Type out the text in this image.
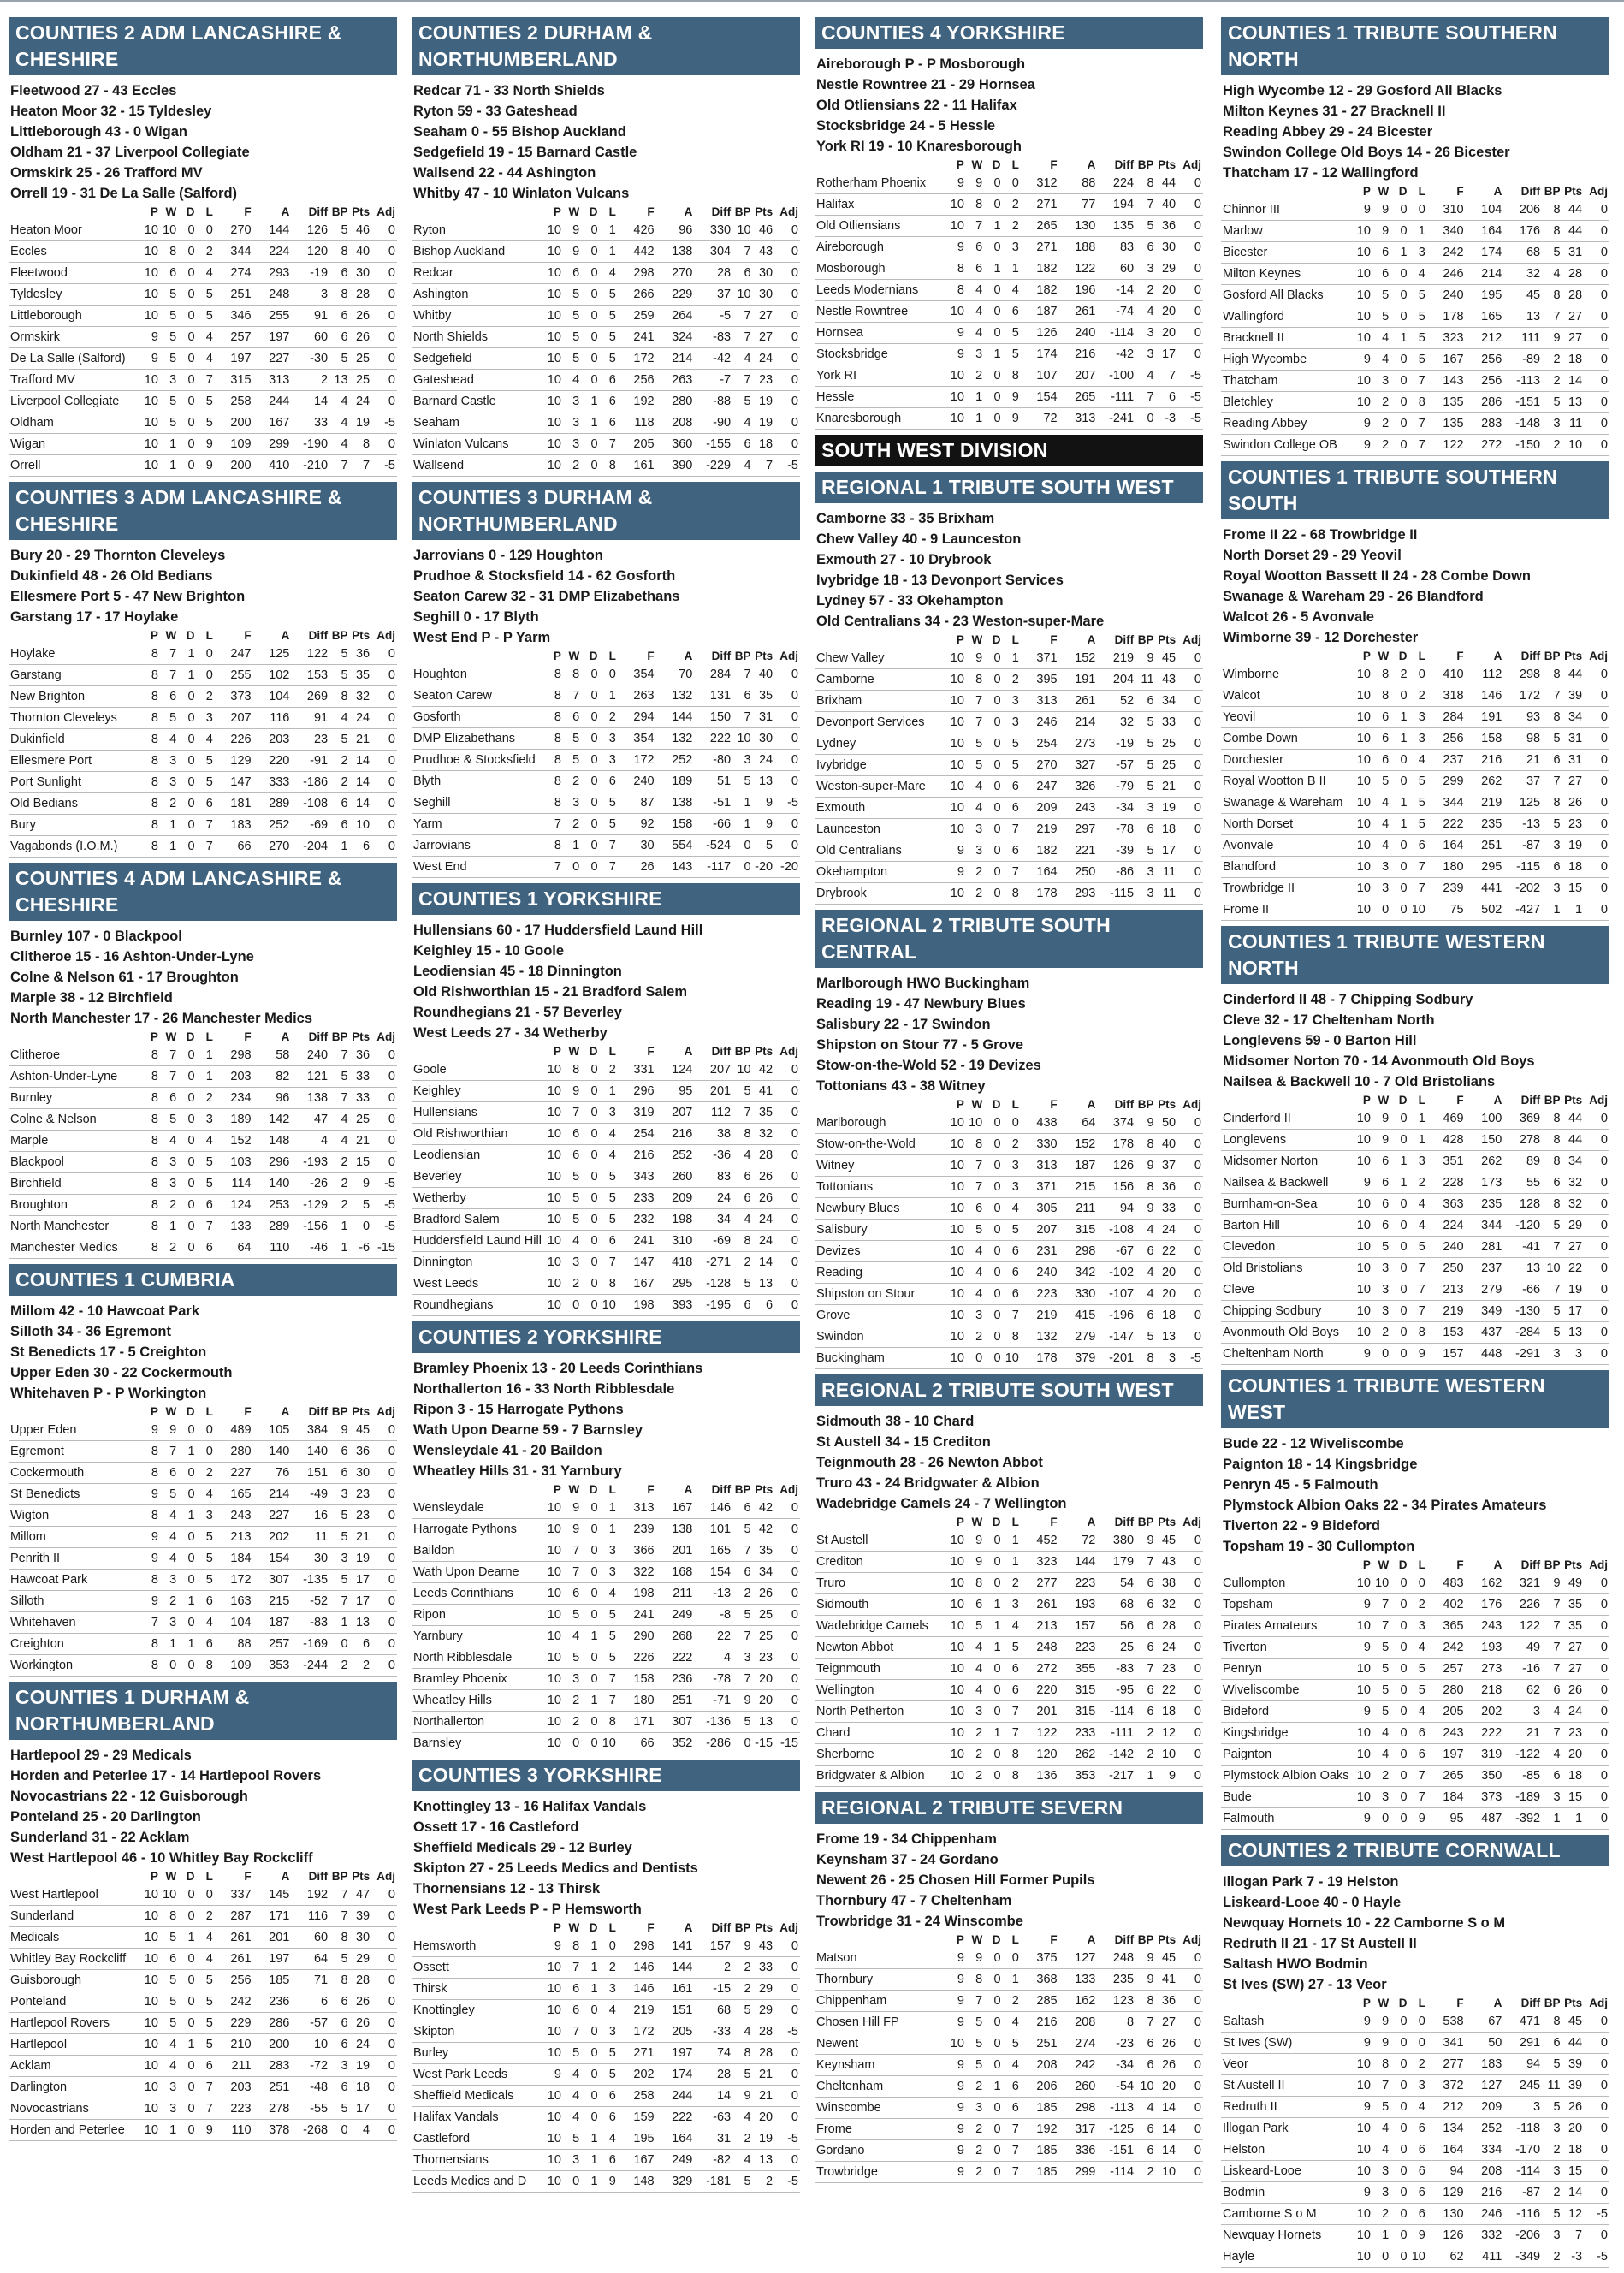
COUNTIES 2 ADM LANCASHIRE & CHESHIRE
Fleetwood 27 - 43 Eccles
Heaton Moor 32 - 15 Tyldesley
Littleborough 43 - 0 Wigan
Oldham 21 - 37 Liverpool Collegiate
Ormskirk 25 - 26 Trafford MV
Orrell 19 - 31 De La Salle (Salford)
	P	W	D	L	F	A	Diff	BP	Pts	Adj
Heaton Moor	10	10	0	0	270	144	126	5	46	0
Eccles	10	8	0	2	344	224	120	8	40	0
Fleetwood	10	6	0	4	274	293	-19	6	30	0
Tyldesley	10	5	0	5	251	248	3	8	28	0
Littleborough	10	5	0	5	346	255	91	6	26	0
Ormskirk	9	5	0	4	257	197	60	6	26	0
De La Salle (Salford)	9	5	0	4	197	227	-30	5	25	0
Trafford MV	10	3	0	7	315	313	2	13	25	0
Liverpool Collegiate	10	5	0	5	258	244	14	4	24	0
Oldham	10	5	0	5	200	167	33	4	19	-5
Wigan	10	1	0	9	109	299	-190	4	8	0
Orrell	10	1	0	9	200	410	-210	7	7	-5
COUNTIES 3 ADM LANCASHIRE & CHESHIRE
Bury 20 - 29 Thornton Cleveleys
Dukinfield 48 - 26 Old Bedians
Ellesmere Port 5 - 47 New Brighton
Garstang 17 - 17 Hoylake
	P	W	D	L	F	A	Diff	BP	Pts	Adj
Hoylake	8	7	1	0	247	125	122	5	36	0
Garstang	8	7	1	0	255	102	153	5	35	0
New Brighton	8	6	0	2	373	104	269	8	32	0
Thornton Cleveleys	8	5	0	3	207	116	91	4	24	0
Dukinfield	8	4	0	4	226	203	23	5	21	0
Ellesmere Port	8	3	0	5	129	220	-91	2	14	0
Port Sunlight	8	3	0	5	147	333	-186	2	14	0
Old Bedians	8	2	0	6	181	289	-108	6	14	0
Bury	8	1	0	7	183	252	-69	6	10	0
Vagabonds (I.O.M.)	8	1	0	7	66	270	-204	1	6	0
COUNTIES 4 ADM LANCASHIRE & CHESHIRE
Burnley 107 - 0 Blackpool
Clitheroe 15 - 16 Ashton-Under-Lyne
Colne & Nelson 61 - 17 Broughton
Marple 38 - 12 Birchfield
North Manchester 17 - 26 Manchester Medics
	P	W	D	L	F	A	Diff	BP	Pts	Adj
Clitheroe	8	7	0	1	298	58	240	7	36	0
Ashton-Under-Lyne	8	7	0	1	203	82	121	5	33	0
Burnley	8	6	0	2	234	96	138	7	33	0
Colne & Nelson	8	5	0	3	189	142	47	4	25	0
Marple	8	4	0	4	152	148	4	4	21	0
Blackpool	8	3	0	5	103	296	-193	2	15	0
Birchfield	8	3	0	5	114	140	-26	2	9	-5
Broughton	8	2	0	6	124	253	-129	2	5	-5
North Manchester	8	1	0	7	133	289	-156	1	0	-5
Manchester Medics	8	2	0	6	64	110	-46	1	-6	-15
COUNTIES 1 CUMBRIA
Millom 42 - 10 Hawcoat Park
Silloth 34 - 36 Egremont
St Benedicts 17 - 5 Creighton
Upper Eden 30 - 22 Cockermouth
Whitehaven P - P Workington
	P	W	D	L	F	A	Diff	BP	Pts	Adj
Upper Eden	9	9	0	0	489	105	384	9	45	0
Egremont	8	7	1	0	280	140	140	6	36	0
Cockermouth	8	6	0	2	227	76	151	6	30	0
St Benedicts	9	5	0	4	165	214	-49	3	23	0
Wigton	8	4	1	3	243	227	16	5	23	0
Millom	9	4	0	5	213	202	11	5	21	0
Penrith II	9	4	0	5	184	154	30	3	19	0
Hawcoat Park	8	3	0	5	172	307	-135	5	17	0
Silloth	9	2	1	6	163	215	-52	7	17	0
Whitehaven	7	3	0	4	104	187	-83	1	13	0
Creighton	8	1	1	6	88	257	-169	0	6	0
Workington	8	0	0	8	109	353	-244	2	2	0
COUNTIES 1 DURHAM & NORTHUMBERLAND
Hartlepool 29 - 29 Medicals
Horden and Peterlee 17 - 14 Hartlepool Rovers
Novocastrians 22 - 12 Guisborough
Ponteland 25 - 20 Darlington
Sunderland 31 - 22 Acklam
West Hartlepool 46 - 10 Whitley Bay Rockcliff
	P	W	D	L	F	A	Diff	BP	Pts	Adj
West Hartlepool	10	10	0	0	337	145	192	7	47	0
Sunderland	10	8	0	2	287	171	116	7	39	0
Medicals	10	5	1	4	261	201	60	8	30	0
Whitley Bay Rockcliff	10	6	0	4	261	197	64	5	29	0
Guisborough	10	5	0	5	256	185	71	8	28	0
Ponteland	10	5	0	5	242	236	6	6	26	0
Hartlepool Rovers	10	5	0	5	229	286	-57	6	26	0
Hartlepool	10	4	1	5	210	200	10	6	24	0
Acklam	10	4	0	6	211	283	-72	3	19	0
Darlington	10	3	0	7	203	251	-48	6	18	0
Novocastrians	10	3	0	7	223	278	-55	5	17	0
Horden and Peterlee	10	1	0	9	110	378	-268	0	4	0
COUNTIES 2 DURHAM & NORTHUMBERLAND
Redcar 71 - 33 North Shields
Ryton 59 - 33 Gateshead
Seaham 0 - 55 Bishop Auckland
Sedgefield 19 - 15 Barnard Castle
Wallsend 22 - 44 Ashington
Whitby 47 - 10 Winlaton Vulcans
	P	W	D	L	F	A	Diff	BP	Pts	Adj
Ryton	10	9	0	1	426	96	330	10	46	0
Bishop Auckland	10	9	0	1	442	138	304	7	43	0
Redcar	10	6	0	4	298	270	28	6	30	0
Ashington	10	5	0	5	266	229	37	10	30	0
Whitby	10	5	0	5	259	264	-5	7	27	0
North Shields	10	5	0	5	241	324	-83	7	27	0
Sedgefield	10	5	0	5	172	214	-42	4	24	0
Gateshead	10	4	0	6	256	263	-7	7	23	0
Barnard Castle	10	3	1	6	192	280	-88	5	19	0
Seaham	10	3	1	6	118	208	-90	4	19	0
Winlaton Vulcans	10	3	0	7	205	360	-155	6	18	0
Wallsend	10	2	0	8	161	390	-229	4	7	-5
COUNTIES 3 DURHAM & NORTHUMBERLAND
Jarrovians 0 - 129 Houghton
Prudhoe & Stocksfield 14 - 62 Gosforth
Seaton Carew 32 - 31 DMP Elizabethans
Seghill 0 - 17 Blyth
West End P - P Yarm
	P	W	D	L	F	A	Diff	BP	Pts	Adj
Houghton	8	8	0	0	354	70	284	7	40	0
Seaton Carew	8	7	0	1	263	132	131	6	35	0
Gosforth	8	6	0	2	294	144	150	7	31	0
DMP Elizabethans	8	5	0	3	354	132	222	10	30	0
Prudhoe & Stocksfield	8	5	0	3	172	252	-80	3	24	0
Blyth	8	2	0	6	240	189	51	5	13	0
Seghill	8	3	0	5	87	138	-51	1	9	-5
Yarm	7	2	0	5	92	158	-66	1	9	0
Jarrovians	8	1	0	7	30	554	-524	0	5	0
West End	7	0	0	7	26	143	-117	0	-20	-20
COUNTIES 1 YORKSHIRE
Hullensians 60 - 17 Huddersfield Laund Hill
Keighley 15 - 10 Goole
Leodiensian 45 - 18 Dinnington
Old Rishworthian 15 - 21 Bradford Salem
Roundhegians 21 - 57 Beverley
West Leeds 27 - 34 Wetherby
	P	W	D	L	F	A	Diff	BP	Pts	Adj
Goole	10	8	0	2	331	124	207	10	42	0
Keighley	10	9	0	1	296	95	201	5	41	0
Hullensians	10	7	0	3	319	207	112	7	35	0
Old Rishworthian	10	6	0	4	254	216	38	8	32	0
Leodiensian	10	6	0	4	216	252	-36	4	28	0
Beverley	10	5	0	5	343	260	83	6	26	0
Wetherby	10	5	0	5	233	209	24	6	26	0
Bradford Salem	10	5	0	5	232	198	34	4	24	0
Huddersfield Laund Hill	10	4	0	6	241	310	-69	8	24	0
Dinnington	10	3	0	7	147	418	-271	2	14	0
West Leeds	10	2	0	8	167	295	-128	5	13	0
Roundhegians	10	0	0	10	198	393	-195	6	6	0
COUNTIES 2 YORKSHIRE
Bramley Phoenix 13 - 20 Leeds Corinthians
Northallerton 16 - 33 North Ribblesdale
Ripon 3 - 15 Harrogate Pythons
Wath Upon Dearne 59 - 7 Barnsley
Wensleydale 41 - 20 Baildon
Wheatley Hills 31 - 31 Yarnbury
	P	W	D	L	F	A	Diff	BP	Pts	Adj
Wensleydale	10	9	0	1	313	167	146	6	42	0
Harrogate Pythons	10	9	0	1	239	138	101	5	42	0
Baildon	10	7	0	3	366	201	165	7	35	0
Wath Upon Dearne	10	7	0	3	322	168	154	6	34	0
Leeds Corinthians	10	6	0	4	198	211	-13	2	26	0
Ripon	10	5	0	5	241	249	-8	5	25	0
Yarnbury	10	4	1	5	290	268	22	7	25	0
North Ribblesdale	10	5	0	5	226	222	4	3	23	0
Bramley Phoenix	10	3	0	7	158	236	-78	7	20	0
Wheatley Hills	10	2	1	7	180	251	-71	9	20	0
Northallerton	10	2	0	8	171	307	-136	5	13	0
Barnsley	10	0	0	10	66	352	-286	0	-15	-15
COUNTIES 3 YORKSHIRE
Knottingley 13 - 16 Halifax Vandals
Ossett 17 - 16 Castleford
Sheffield Medicals 29 - 12 Burley
Skipton 27 - 25 Leeds Medics and Dentists
Thornensians 12 - 13 Thirsk
West Park Leeds P - P Hemsworth
	P	W	D	L	F	A	Diff	BP	Pts	Adj
Hemsworth	9	8	1	0	298	141	157	9	43	0
Ossett	10	7	1	2	146	144	2	2	33	0
Thirsk	10	6	1	3	146	161	-15	2	29	0
Knottingley	10	6	0	4	219	151	68	5	29	0
Skipton	10	7	0	3	172	205	-33	4	28	-5
Burley	10	5	0	5	271	197	74	8	28	0
West Park Leeds	9	4	0	5	202	174	28	5	21	0
Sheffield Medicals	10	4	0	6	258	244	14	9	21	0
Halifax Vandals	10	4	0	6	159	222	-63	4	20	0
Castleford	10	5	1	4	195	164	31	2	19	-5
Thornensians	10	3	1	6	167	249	-82	4	13	0
Leeds Medics and D	10	0	1	9	148	329	-181	5	2	-5
COUNTIES 4 YORKSHIRE
Aireborough P - P Mosborough
Nestle Rowntree 21 - 29 Hornsea
Old Otliensians 22 - 11 Halifax
Stocksbridge 24 - 5 Hessle
York RI 19 - 10 Knaresborough
	P	W	D	L	F	A	Diff	BP	Pts	Adj
Rotherham Phoenix	9	9	0	0	312	88	224	8	44	0
Halifax	10	8	0	2	271	77	194	7	40	0
Old Otliensians	10	7	1	2	265	130	135	5	36	0
Aireborough	9	6	0	3	271	188	83	6	30	0
Mosborough	8	6	1	1	182	122	60	3	29	0
Leeds Modernians	8	4	0	4	182	196	-14	2	20	0
Nestle Rowntree	10	4	0	6	187	261	-74	4	20	0
Hornsea	9	4	0	5	126	240	-114	3	20	0
Stocksbridge	9	3	1	5	174	216	-42	3	17	0
York RI	10	2	0	8	107	207	-100	4	7	-5
Hessle	10	1	0	9	154	265	-111	7	6	-5
Knaresborough	10	1	0	9	72	313	-241	0	-3	-5
SOUTH WEST DIVISION
REGIONAL 1 TRIBUTE SOUTH WEST
Camborne 33 - 35 Brixham
Chew Valley 40 - 9 Launceston
Exmouth 27 - 10 Drybrook
Ivybridge 18 - 13 Devonport Services
Lydney 57 - 33 Okehampton
Old Centralians 34 - 23 Weston-super-Mare
	P	W	D	L	F	A	Diff	BP	Pts	Adj
Chew Valley	10	9	0	1	371	152	219	9	45	0
Camborne	10	8	0	2	395	191	204	11	43	0
Brixham	10	7	0	3	313	261	52	6	34	0
Devonport Services	10	7	0	3	246	214	32	5	33	0
Lydney	10	5	0	5	254	273	-19	5	25	0
Ivybridge	10	5	0	5	270	327	-57	5	25	0
Weston-super-Mare	10	4	0	6	247	326	-79	5	21	0
Exmouth	10	4	0	6	209	243	-34	3	19	0
Launceston	10	3	0	7	219	297	-78	6	18	0
Old Centralians	9	3	0	6	182	221	-39	5	17	0
Okehampton	9	2	0	7	164	250	-86	3	11	0
Drybrook	10	2	0	8	178	293	-115	3	11	0
REGIONAL 2 TRIBUTE SOUTH CENTRAL
Marlborough HWO Buckingham
Reading 19 - 47 Newbury Blues
Salisbury 22 - 17 Swindon
Shipston on Stour 77 - 5 Grove
Stow-on-the-Wold 52 - 19 Devizes
Tottonians 43 - 38 Witney
	P	W	D	L	F	A	Diff	BP	Pts	Adj
Marlborough	10	10	0	0	438	64	374	9	50	0
Stow-on-the-Wold	10	8	0	2	330	152	178	8	40	0
Witney	10	7	0	3	313	187	126	9	37	0
Tottonians	10	7	0	3	371	215	156	8	36	0
Newbury Blues	10	6	0	4	305	211	94	9	33	0
Salisbury	10	5	0	5	207	315	-108	4	24	0
Devizes	10	4	0	6	231	298	-67	6	22	0
Reading	10	4	0	6	240	342	-102	4	20	0
Shipston on Stour	10	4	0	6	223	330	-107	4	20	0
Grove	10	3	0	7	219	415	-196	6	18	0
Swindon	10	2	0	8	132	279	-147	5	13	0
Buckingham	10	0	0	10	178	379	-201	8	3	-5
REGIONAL 2 TRIBUTE SOUTH WEST
Sidmouth 38 - 10 Chard
St Austell 34 - 15 Crediton
Teignmouth 28 - 26 Newton Abbot
Truro 43 - 24 Bridgwater & Albion
Wadebridge Camels 24 - 7 Wellington
	P	W	D	L	F	A	Diff	BP	Pts	Adj
St Austell	10	9	0	1	452	72	380	9	45	0
Crediton	10	9	0	1	323	144	179	7	43	0
Truro	10	8	0	2	277	223	54	6	38	0
Sidmouth	10	6	1	3	261	193	68	6	32	0
Wadebridge Camels	10	5	1	4	213	157	56	6	28	0
Newton Abbot	10	4	1	5	248	223	25	6	24	0
Teignmouth	10	4	0	6	272	355	-83	7	23	0
Wellington	10	4	0	6	220	315	-95	6	22	0
North Petherton	10	3	0	7	201	315	-114	6	18	0
Chard	10	2	1	7	122	233	-111	2	12	0
Sherborne	10	2	0	8	120	262	-142	2	10	0
Bridgwater & Albion	10	2	0	8	136	353	-217	1	9	0
REGIONAL 2 TRIBUTE SEVERN
Frome 19 - 34 Chippenham
Keynsham 37 - 24 Gordano
Newent 26 - 25 Chosen Hill Former Pupils
Thornbury 47 - 7 Cheltenham
Trowbridge 31 - 24 Winscombe
	P	W	D	L	F	A	Diff	BP	Pts	Adj
Matson	9	9	0	0	375	127	248	9	45	0
Thornbury	9	8	0	1	368	133	235	9	41	0
Chippenham	9	7	0	2	285	162	123	8	36	0
Chosen Hill FP	9	5	0	4	216	208	8	7	27	0
Newent	10	5	0	5	251	274	-23	6	26	0
Keynsham	9	5	0	4	208	242	-34	6	26	0
Cheltenham	9	2	1	6	206	260	-54	10	20	0
Winscombe	9	3	0	6	185	298	-113	4	14	0
Frome	9	2	0	7	192	317	-125	6	14	0
Gordano	9	2	0	7	185	336	-151	6	14	0
Trowbridge	9	2	0	7	185	299	-114	2	10	0
COUNTIES 1 TRIBUTE SOUTHERN NORTH
High Wycombe 12 - 29 Gosford All Blacks
Milton Keynes 31 - 27 Bracknell II
Reading Abbey 29 - 24 Bicester
Swindon College Old Boys 14 - 26 Bicester
Thatcham 17 - 12 Wallingford
	P	W	D	L	F	A	Diff	BP	Pts	Adj
Chinnor III	9	9	0	0	310	104	206	8	44	0
Marlow	10	9	0	1	340	164	176	8	44	0
Bicester	10	6	1	3	242	174	68	5	31	0
Milton Keynes	10	6	0	4	246	214	32	4	28	0
Gosford All Blacks	10	5	0	5	240	195	45	8	28	0
Wallingford	10	5	0	5	178	165	13	7	27	0
Bracknell II	10	4	1	5	323	212	111	9	27	0
High Wycombe	9	4	0	5	167	256	-89	2	18	0
Thatcham	10	3	0	7	143	256	-113	2	14	0
Bletchley	10	2	0	8	135	286	-151	5	13	0
Reading Abbey	9	2	0	7	135	283	-148	3	11	0
Swindon College OB	9	2	0	7	122	272	-150	2	10	0
COUNTIES 1 TRIBUTE SOUTHERN SOUTH
Frome II 22 - 68 Trowbridge II
North Dorset 29 - 29 Yeovil
Royal Wootton Bassett II 24 - 28 Combe Down
Swanage & Wareham 29 - 26 Blandford
Walcot 26 - 5 Avonvale
Wimborne 39 - 12 Dorchester
	P	W	D	L	F	A	Diff	BP	Pts	Adj
Wimborne	10	8	2	0	410	112	298	8	44	0
Walcot	10	8	0	2	318	146	172	7	39	0
Yeovil	10	6	1	3	284	191	93	8	34	0
Combe Down	10	6	1	3	256	158	98	5	31	0
Dorchester	10	6	0	4	237	216	21	6	31	0
Royal Wootton B II	10	5	0	5	299	262	37	7	27	0
Swanage & Wareham	10	4	1	5	344	219	125	8	26	0
North Dorset	10	4	1	5	222	235	-13	5	23	0
Avonvale	10	4	0	6	164	251	-87	3	19	0
Blandford	10	3	0	7	180	295	-115	6	18	0
Trowbridge II	10	3	0	7	239	441	-202	3	15	0
Frome II	10	0	0	10	75	502	-427	1	1	0
COUNTIES 1 TRIBUTE WESTERN NORTH
Cinderford II 48 - 7 Chipping Sodbury
Cleve 32 - 17 Cheltenham North
Longlevens 59 - 0 Barton Hill
Midsomer Norton 70 - 14 Avonmouth Old Boys
Nailsea & Backwell 10 - 7 Old Bristolians
	P	W	D	L	F	A	Diff	BP	Pts	Adj
Cinderford II	10	9	0	1	469	100	369	8	44	0
Longlevens	10	9	0	1	428	150	278	8	44	0
Midsomer Norton	10	6	1	3	351	262	89	8	34	0
Nailsea & Backwell	9	6	1	2	228	173	55	6	32	0
Burnham-on-Sea	10	6	0	4	363	235	128	8	32	0
Barton Hill	10	6	0	4	224	344	-120	5	29	0
Clevedon	10	5	0	5	240	281	-41	7	27	0
Old Bristolians	10	3	0	7	250	237	13	10	22	0
Cleve	10	3	0	7	213	279	-66	7	19	0
Chipping Sodbury	10	3	0	7	219	349	-130	5	17	0
Avonmouth Old Boys	10	2	0	8	153	437	-284	5	13	0
Cheltenham North	9	0	0	9	157	448	-291	3	3	0
COUNTIES 1 TRIBUTE WESTERN WEST
Bude 22 - 12 Wiveliscombe
Paignton 18 - 14 Kingsbridge
Penryn 45 - 5 Falmouth
Plymstock Albion Oaks 22 - 34 Pirates Amateurs
Tiverton 22 - 9 Bideford
Topsham 19 - 30 Cullompton
	P	W	D	L	F	A	Diff	BP	Pts	Adj
Cullompton	10	10	0	0	483	162	321	9	49	0
Topsham	9	7	0	2	402	176	226	7	35	0
Pirates Amateurs	10	7	0	3	365	243	122	7	35	0
Tiverton	9	5	0	4	242	193	49	7	27	0
Penryn	10	5	0	5	257	273	-16	7	27	0
Wiveliscombe	10	5	0	5	280	218	62	6	26	0
Bideford	9	5	0	4	205	202	3	4	24	0
Kingsbridge	10	4	0	6	243	222	21	7	23	0
Paignton	10	4	0	6	197	319	-122	4	20	0
Plymstock Albion Oaks	10	2	0	7	265	350	-85	6	18	0
Bude	10	3	0	7	184	373	-189	3	15	0
Falmouth	9	0	0	9	95	487	-392	1	1	0
COUNTIES 2 TRIBUTE CORNWALL
Illogan Park 7 - 19 Helston
Liskeard-Looe 40 - 0 Hayle
Newquay Hornets 10 - 22 Camborne S o M
Redruth II 21 - 17 St Austell II
Saltash HWO Bodmin
St Ives (SW) 27 - 13 Veor
	P	W	D	L	F	A	Diff	BP	Pts	Adj
Saltash	9	9	0	0	538	67	471	8	45	0
St Ives (SW)	9	9	0	0	341	50	291	6	44	0
Veor	10	8	0	2	277	183	94	5	39	0
St Austell II	10	7	0	3	372	127	245	11	39	0
Redruth II	9	5	0	4	212	209	3	5	26	0
Illogan Park	10	4	0	6	134	252	-118	3	20	0
Helston	10	4	0	6	164	334	-170	2	18	0
Liskeard-Looe	10	3	0	6	94	208	-114	3	15	0
Bodmin	9	3	0	6	129	216	-87	2	14	0
Camborne S o M	10	2	0	6	130	246	-116	5	12	-5
Newquay Hornets	10	1	0	9	126	332	-206	3	7	0
Hayle	10	0	0	10	62	411	-349	2	-3	-5
